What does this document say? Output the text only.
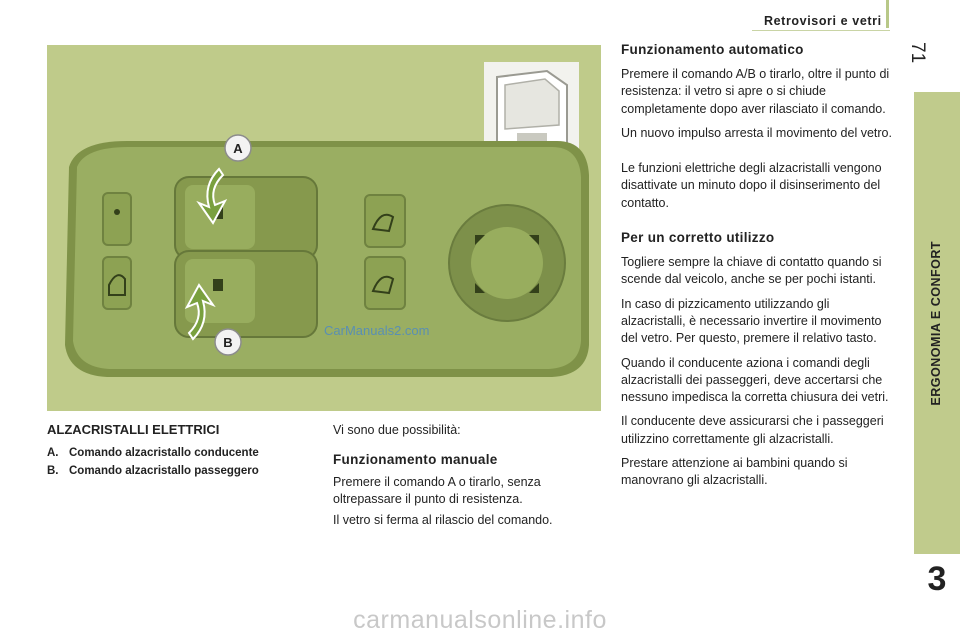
Retrovisori e vetri
71
ERGONOMIA E CONFORT
3
A
B
CarManuals2.com
ALZACRISTALLI ELETTRICI
A. Comando alzacristallo conducente
B. Comando alzacristallo passeggero
Vi sono due possibilità:
Funzionamento manuale
Premere il comando A o tirarlo, senza oltrepassare il punto di resistenza.
Il vetro si ferma al rilascio del comando.
Funzionamento automatico
Premere il comando A/B o tirarlo, oltre il punto di resistenza: il vetro si apre o si chiude completamente dopo aver rilasciato il comando.
Un nuovo impulso arresta il movimento del vetro.
Le funzioni elettriche degli alzacristalli vengono disattivate un minuto dopo il disinserimento del contatto.
Per un corretto utilizzo
Togliere sempre la chiave di contatto quando si scende dal veicolo, anche se per pochi istanti.
In caso di pizzicamento utilizzando gli alzacristalli, è necessario invertire il movimento del vetro. Per questo, premere il relativo tasto.
Quando il conducente aziona i comandi degli alzacristalli dei passeggeri, deve accertarsi che nessuno impedisca la corretta chiusura dei vetri.
Il conducente deve assicurarsi che i passeggeri utilizzino correttamente gli alzacristalli.
Prestare attenzione ai bambini quando si manovrano gli alzacristalli.
carmanualsonline.info
